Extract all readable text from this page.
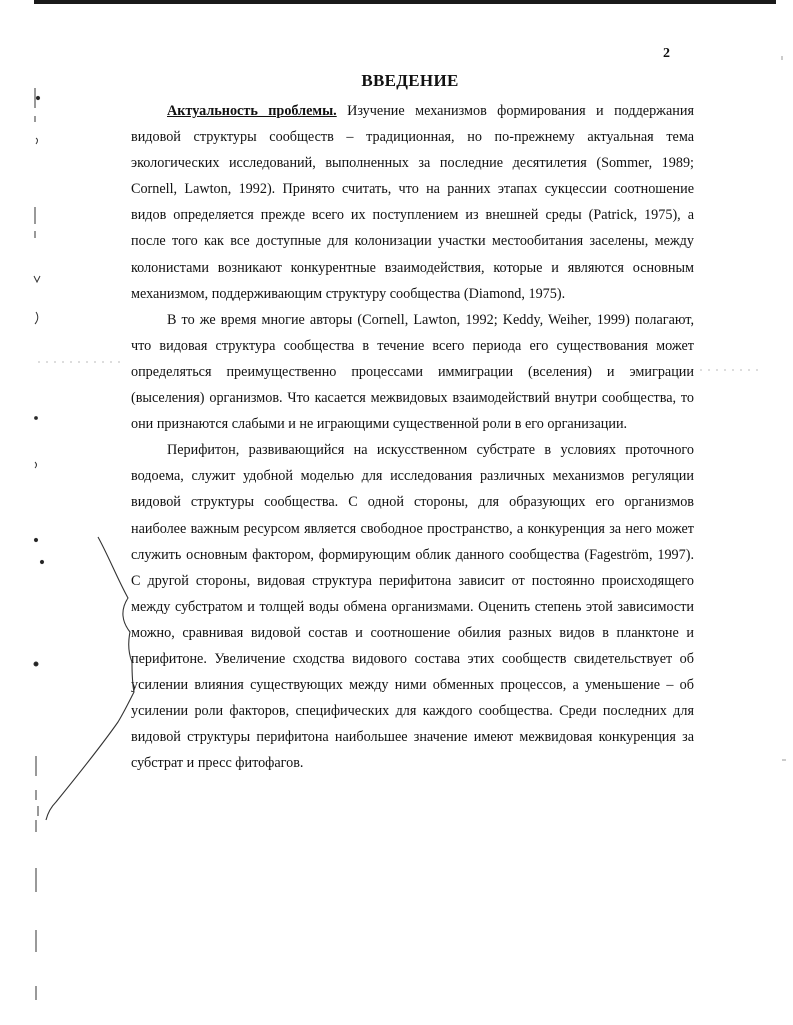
2
ВВЕДЕНИЕ

Актуальность проблемы. Изучение механизмов формирования и поддержания видовой структуры сообществ – традиционная, но по-прежнему актуальная тема экологических исследований, выполненных за последние десятилетия (Sommer, 1989; Cornell, Lawton, 1992). Принято считать, что на ранних этапах сукцессии соотношение видов определяется прежде всего их поступлением из внешней среды (Patrick, 1975), а после того как все доступные для колонизации участки местообитания заселены, между колонистами возникают конкурентные взаимодействия, которые и являются основным механизмом, поддерживающим структуру сообщества (Diamond, 1975).

В то же время многие авторы (Cornell, Lawton, 1992; Keddy, Weiher, 1999) полагают, что видовая структура сообщества в течение всего периода его существования может определяться преимущественно процессами иммиграции (вселения) и эмиграции (выселения) организмов. Что касается межвидовых взаимодействий внутри сообщества, то они признаются слабыми и не играющими существенной роли в его организации.

Перифитон, развивающийся на искусственном субстрате в условиях проточного водоема, служит удобной моделью для исследования различных механизмов регуляции видовой структуры сообщества. С одной стороны, для образующих его организмов наиболее важным ресурсом является свободное пространство, а конкуренция за него может служить основным фактором, формирующим облик данного сообщества (Fageström, 1997). С другой стороны, видовая структура перифитона зависит от постоянно происходящего между субстратом и толщей воды обмена организмами. Оценить степень этой зависимости можно, сравнивая видовой состав и соотношение обилия разных видов в планктоне и перифитоне. Увеличение сходства видового состава этих сообществ свидетельствует об усилении влияния существующих между ними обменных процессов, а уменьшение – об усилении роли факторов, специфических для каждого сообщества. Среди последних для видовой структуры перифитона наибольшее значение имеют межвидовая конкуренция за субстрат и пресс фитофагов.
